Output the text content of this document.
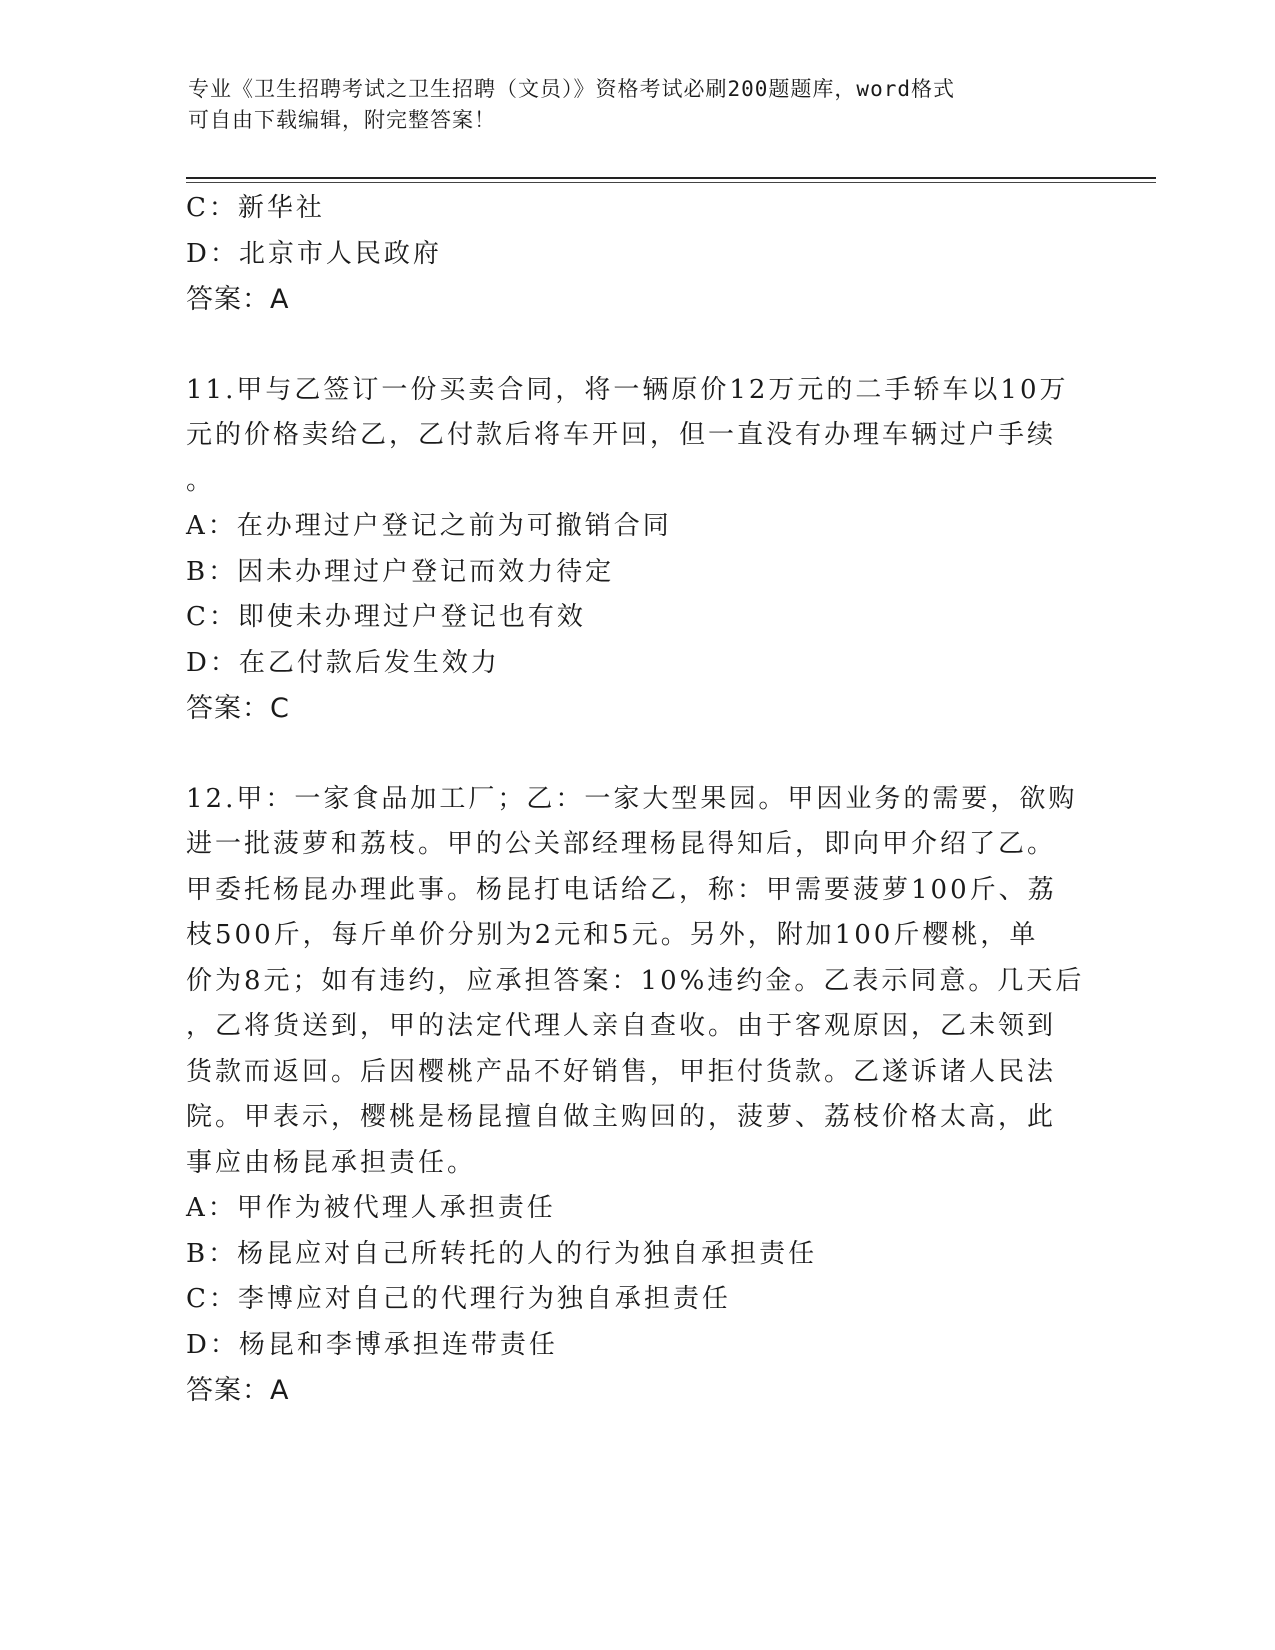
专业《卫生招聘考试之卫生招聘（文员）》资格考试必刷200题题库，word格式
可自由下载编辑，附完整答案！
C：新华社
D：北京市人民政府
答案：A
11.甲与乙签订一份买卖合同，将一辆原价12万元的二手轿车以10万
元的价格卖给乙，乙付款后将车开回，但一直没有办理车辆过户手续
。
A：在办理过户登记之前为可撤销合同
B：因未办理过户登记而效力待定
C：即使未办理过户登记也有效
D：在乙付款后发生效力
答案：C
12.甲：一家食品加工厂；乙：一家大型果园。甲因业务的需要，欲购
进一批菠萝和荔枝。甲的公关部经理杨昆得知后，即向甲介绍了乙。
甲委托杨昆办理此事。杨昆打电话给乙，称：甲需要菠萝100斤、荔
枝500斤，每斤单价分别为2元和5元。另外，附加100斤樱桃，单
价为8元；如有违约，应承担答案：10%违约金。乙表示同意。几天后
，乙将货送到，甲的法定代理人亲自查收。由于客观原因，乙未领到
货款而返回。后因樱桃产品不好销售，甲拒付货款。乙遂诉诸人民法
院。甲表示，樱桃是杨昆擅自做主购回的，菠萝、荔枝价格太高，此
事应由杨昆承担责任。
A：甲作为被代理人承担责任
B：杨昆应对自己所转托的人的行为独自承担责任
C：李博应对自己的代理行为独自承担责任
D：杨昆和李博承担连带责任
答案：A
